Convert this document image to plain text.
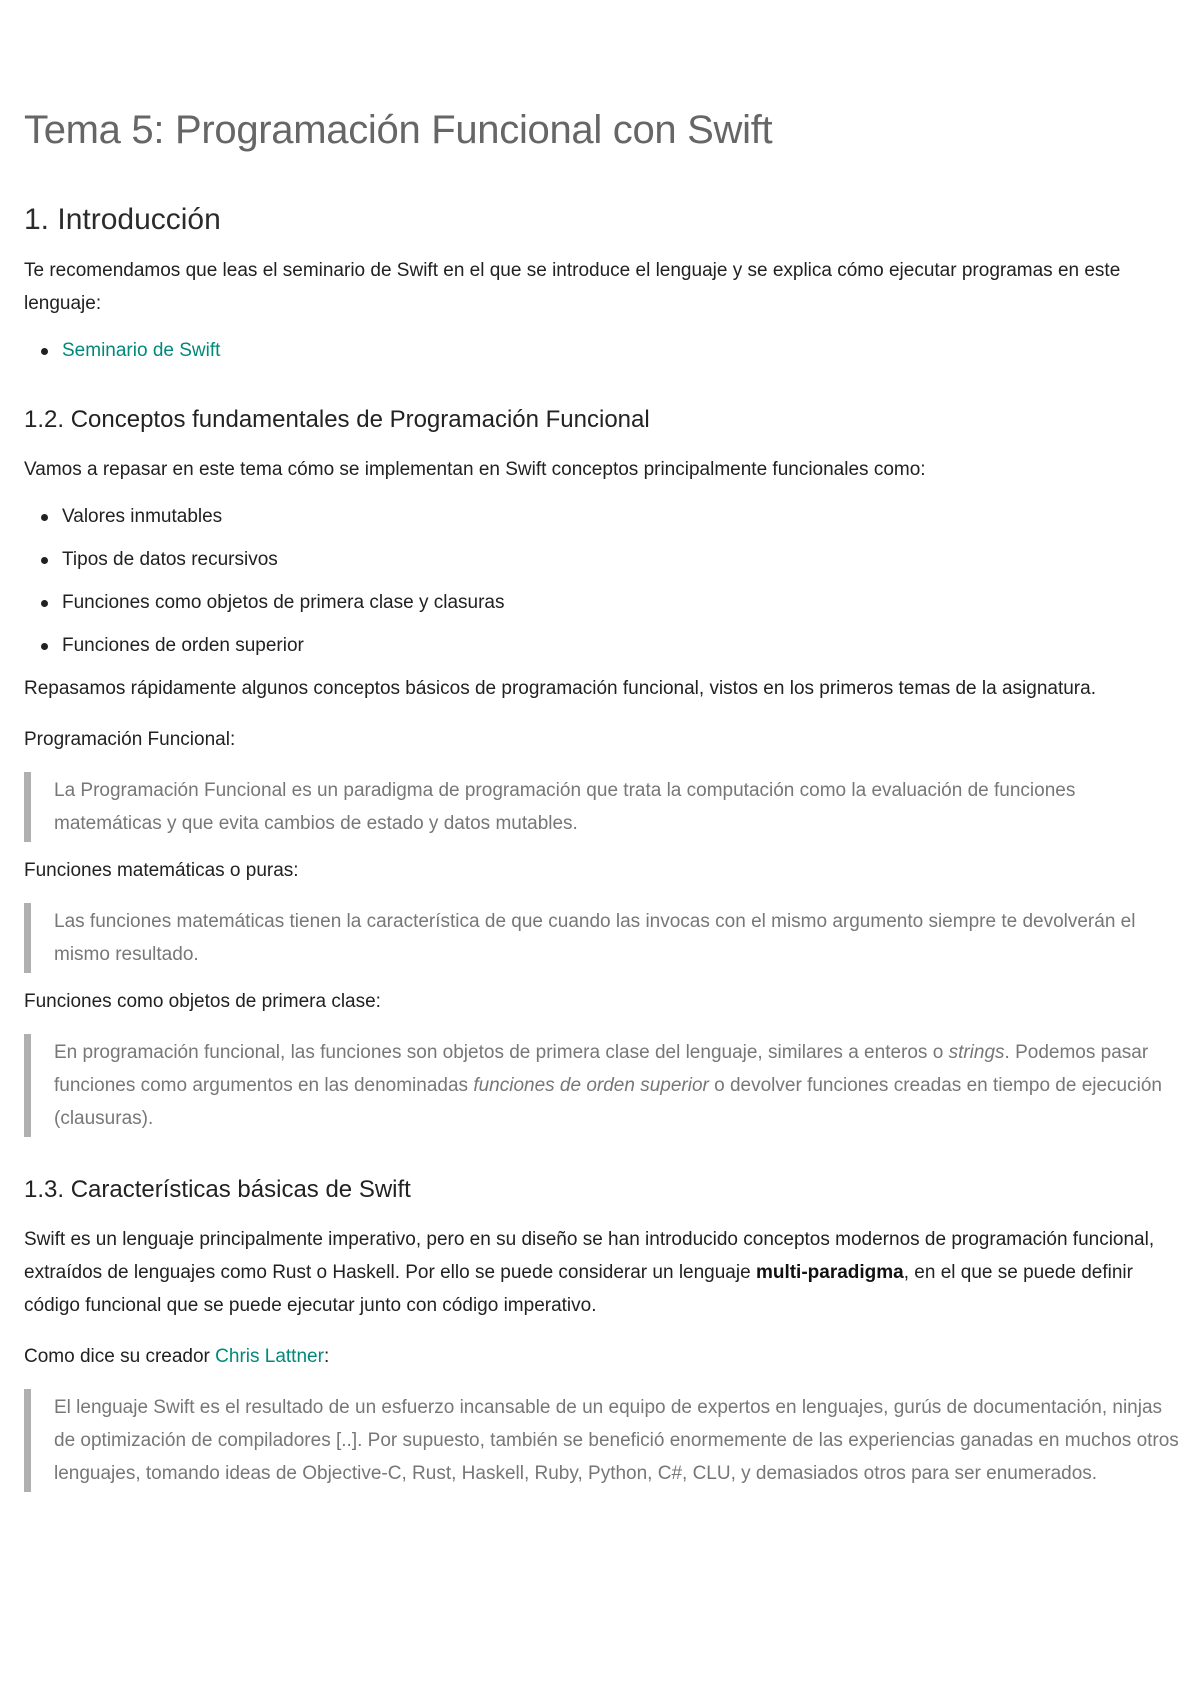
Tema 5: Programación Funcional con Swift
1. Introducción

Te recomendamos que leas el seminario de Swift en el que se introduce el lenguaje y se explica cómo ejecutar programas en este lenguaje:

Seminario de Swift
1.2. Conceptos fundamentales de Programación Funcional

Vamos a repasar en este tema cómo se implementan en Swift conceptos principalmente funcionales como:

Valores inmutables
Tipos de datos recursivos
Funciones como objetos de primera clase y clasuras
Funciones de orden superior

Repasamos rápidamente algunos conceptos básicos de programación funcional, vistos en los primeros temas de la asignatura.

Programación Funcional:

La Programación Funcional es un paradigma de programación que trata la computación como la evaluación de funciones matemáticas y que evita cambios de estado y datos mutables.

Funciones matemáticas o puras:

Las funciones matemáticas tienen la característica de que cuando las invocas con el mismo argumento siempre te devolverán el mismo resultado.

Funciones como objetos de primera clase:

En programación funcional, las funciones son objetos de primera clase del lenguaje, similares a enteros o strings. Podemos pasar funciones como argumentos en las denominadas funciones de orden superior o devolver funciones creadas en tiempo de ejecución (clausuras).
1.3. Características básicas de Swift

Swift es un lenguaje principalmente imperativo, pero en su diseño se han introducido conceptos modernos de programación funcional, extraídos de lenguajes como Rust o Haskell. Por ello se puede considerar un lenguaje multi-paradigma, en el que se puede definir código funcional que se puede ejecutar junto con código imperativo.

Como dice su creador Chris Lattner:

El lenguaje Swift es el resultado de un esfuerzo incansable de un equipo de expertos en lenguajes, gurús de documentación, ninjas de optimización de compiladores [..]. Por supuesto, también se benefició enormemente de las experiencias ganadas en muchos otros lenguajes, tomando ideas de Objective-C, Rust, Haskell, Ruby, Python, C#, CLU, y demasiados otros para ser enumerados.
